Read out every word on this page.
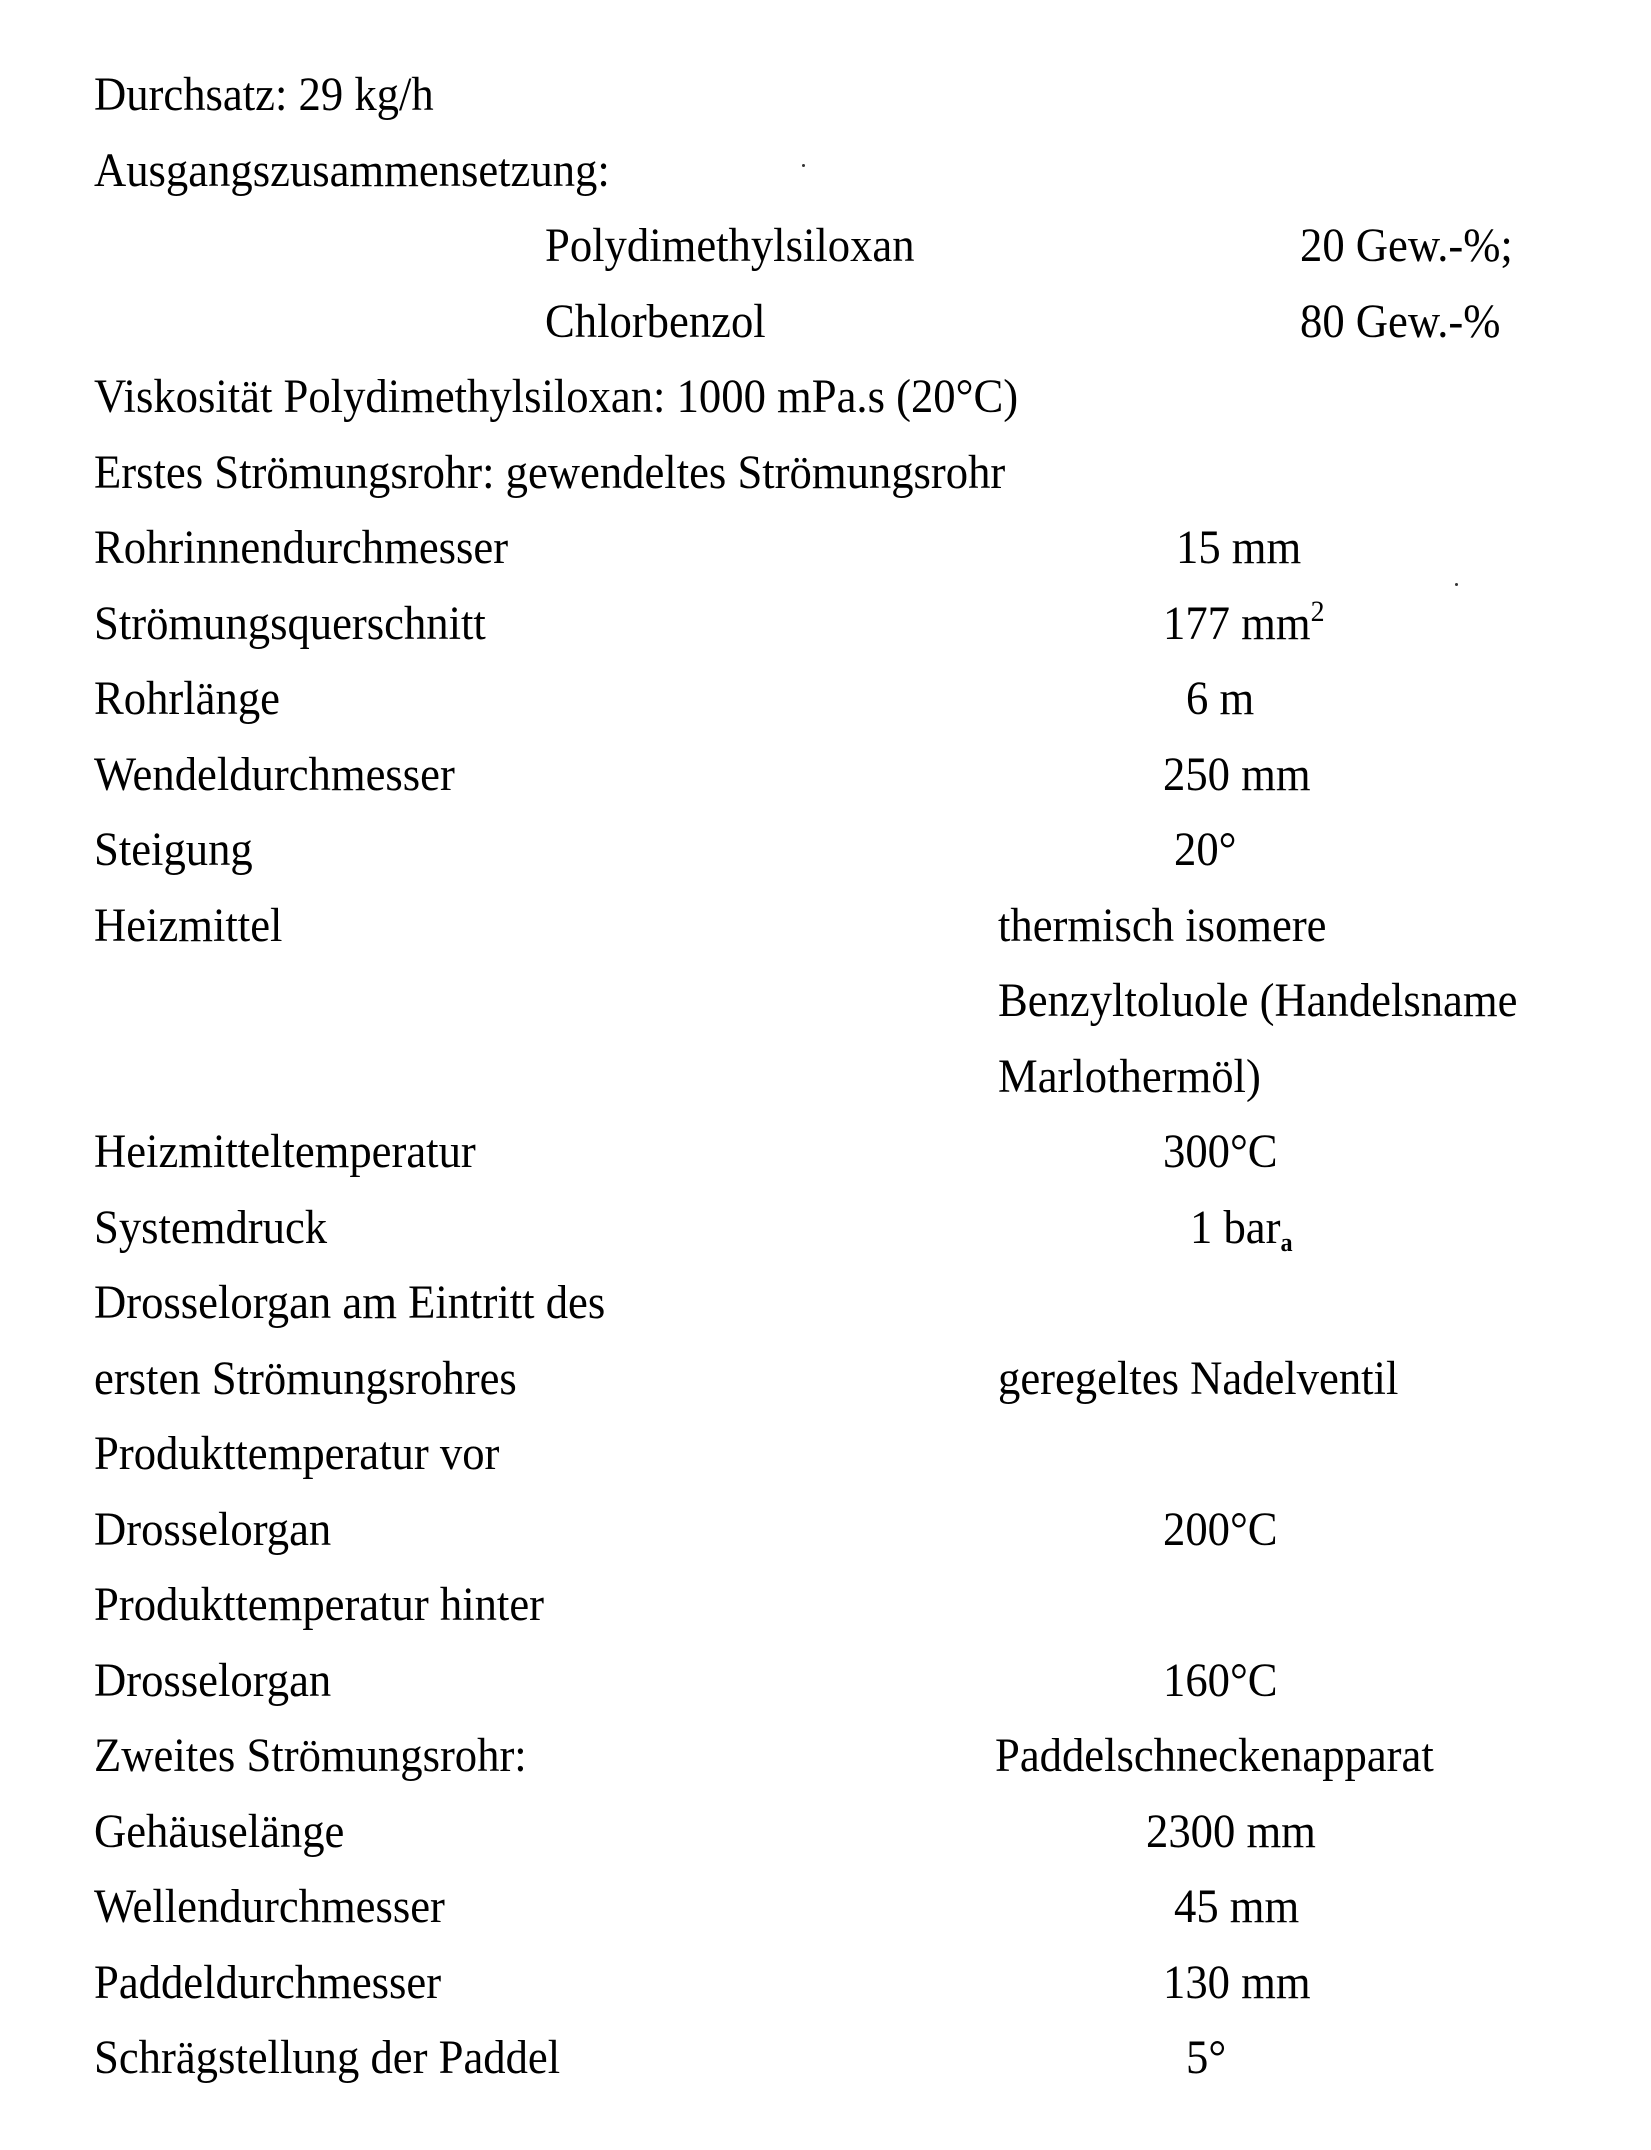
Durchsatz: 29 kg/h
Ausgangszusammensetzung:
Polydimethylsiloxan	20 Gew.-%;
Chlorbenzol	80 Gew.-%
Viskosität Polydimethylsiloxan: 1000 mPa.s (20°C)
Erstes Strömungsrohr: gewendeltes Strömungsrohr
Rohrinnendurchmesser	15 mm
Strömungsquerschnitt	177 mm2
Rohrlänge	6 m
Wendeldurchmesser	250 mm
Steigung	20°
Heizmittel	thermisch isomere
Benzyltoluole (Handelsname
Marlothermöl)
Heizmitteltemperatur	300°C
Systemdruck	1 bara
Drosselorgan am Eintritt des
ersten Strömungsrohres	geregeltes Nadelventil
Produkttemperatur vor
Drosselorgan	200°C
Produkttemperatur hinter
Drosselorgan	160°C
Zweites Strömungsrohr:	Paddelschneckenapparat
Gehäuselänge	2300 mm
Wellendurchmesser	45 mm
Paddeldurchmesser	130 mm
Schrägstellung der Paddel	5°
